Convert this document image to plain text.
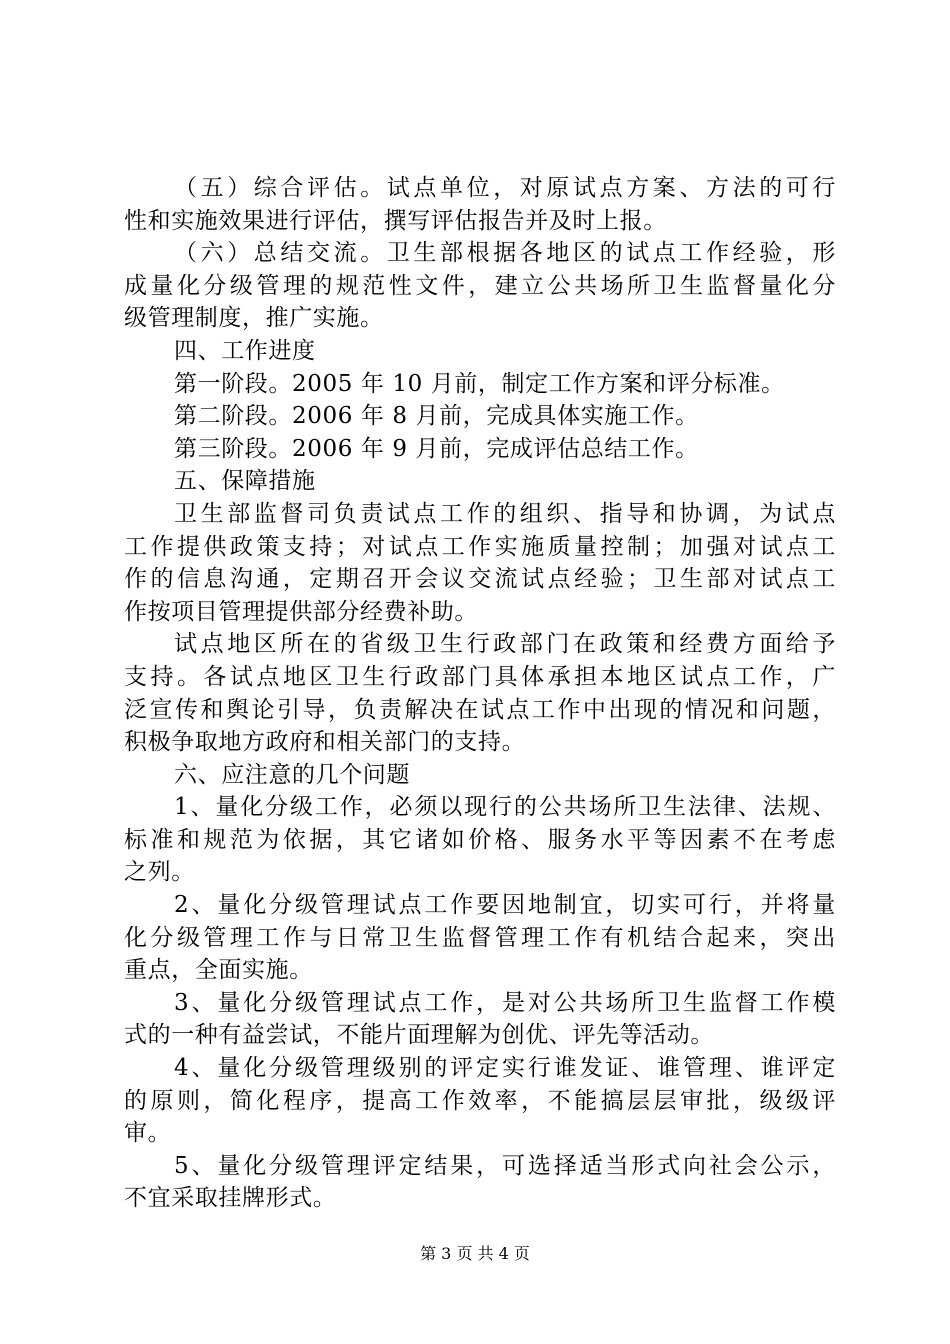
（五）综合评估。试点单位，对原试点方案、方法的可行
性和实施效果进行评估，撰写评估报告并及时上报。
（六）总结交流。卫生部根据各地区的试点工作经验，形
成量化分级管理的规范性文件，建立公共场所卫生监督量化分
级管理制度，推广实施。
四、工作进度
第一阶段。2005 年 10 月前，制定工作方案和评分标准。
第二阶段。2006 年 8 月前，完成具体实施工作。
第三阶段。2006 年 9 月前，完成评估总结工作。
五、保障措施
卫生部监督司负责试点工作的组织、指导和协调，为试点
工作提供政策支持；对试点工作实施质量控制；加强对试点工
作的信息沟通，定期召开会议交流试点经验；卫生部对试点工
作按项目管理提供部分经费补助。
试点地区所在的省级卫生行政部门在政策和经费方面给予
支持。各试点地区卫生行政部门具体承担本地区试点工作，广
泛宣传和舆论引导，负责解决在试点工作中出现的情况和问题，
积极争取地方政府和相关部门的支持。
六、应注意的几个问题
1、量化分级工作，必须以现行的公共场所卫生法律、法规、
标准和规范为依据，其它诸如价格、服务水平等因素不在考虑
之列。
2、量化分级管理试点工作要因地制宜，切实可行，并将量
化分级管理工作与日常卫生监督管理工作有机结合起来，突出
重点，全面实施。
3、量化分级管理试点工作，是对公共场所卫生监督工作模
式的一种有益尝试，不能片面理解为创优、评先等活动。
4、量化分级管理级别的评定实行谁发证、谁管理、谁评定
的原则，简化程序，提高工作效率，不能搞层层审批，级级评
审。
5、量化分级管理评定结果，可选择适当形式向社会公示，
不宜采取挂牌形式。
第 3 页 共 4 页
